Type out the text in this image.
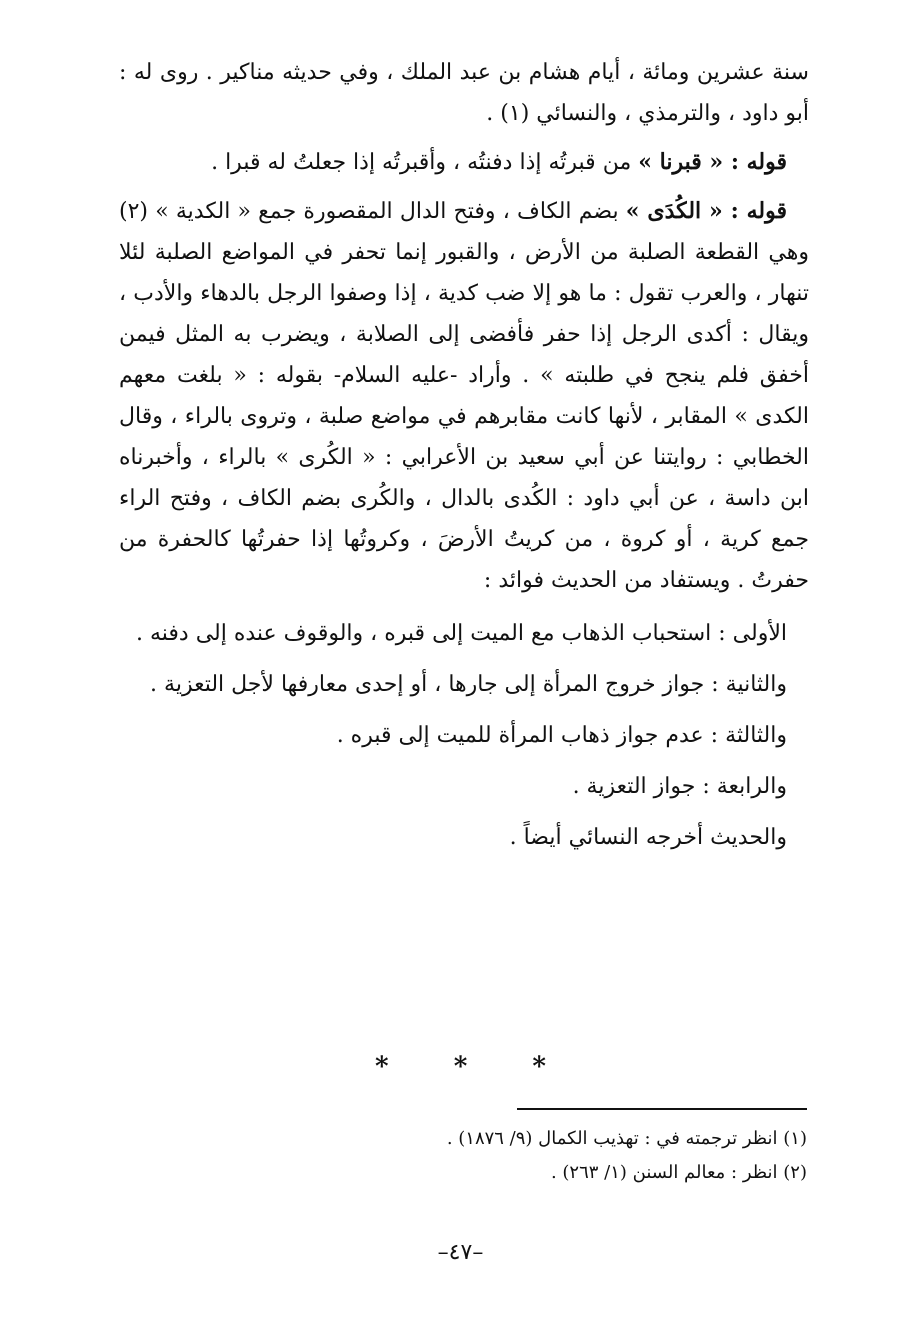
سنة عشرين ومائة ، أيام هشام بن عبد الملك ، وفي حديثه مناكير . روى له : أبو داود ، والترمذي ، والنسائي (١) .

قوله : « قبرنا » من قبرتُه إذا دفنتُه ، وأقبرتُه إذا جعلتُ له قبرا .

قوله : « الكُدَى » بضم الكاف ، وفتح الدال المقصورة جمع « الكدية » (٢) وهي القطعة الصلبة من الأرض ، والقبور إنما تحفر في المواضع الصلبة لئلا تنهار ، والعرب تقول : ما هو إلا ضب كدية ، إذا وصفوا الرجل بالدهاء والأدب ، ويقال : أكدى الرجل إذا حفر فأفضى إلى الصلابة ، ويضرب به المثل فيمن أخفق فلم ينجح في طلبته » . وأراد -عليه السلام- بقوله : « بلغت معهم الكدى » المقابر ، لأنها كانت مقابرهم في مواضع صلبة ، وتروى بالراء ، وقال الخطابي : روايتنا عن أبي سعيد بن الأعرابي : « الكُرى » بالراء ، وأخبرناه ابن داسة ، عن أبي داود : الكُدى بالدال ، والكُرى بضم الكاف ، وفتح الراء جمع كرية ، أو كروة ، من كريتُ الأرضَ ، وكروتُها إذا حفرتُها كالحفرة من حفرتُ . ويستفاد من الحديث فوائد :

الأولى : استحباب الذهاب مع الميت إلى قبره ، والوقوف عنده إلى دفنه .

والثانية : جواز خروج المرأة إلى جارها ، أو إحدى معارفها لأجل التعزية .

والثالثة : عدم جواز ذهاب المرأة للميت إلى قبره .

والرابعة : جواز التعزية .

والحديث أخرجه النسائي أيضاً .

* * *
(١) انظر ترجمته في : تهذيب الكمال (٩/ ١٨٧٦) .
(٢) انظر : معالم السنن (١/ ٢٦٣) .
–٤٧–
